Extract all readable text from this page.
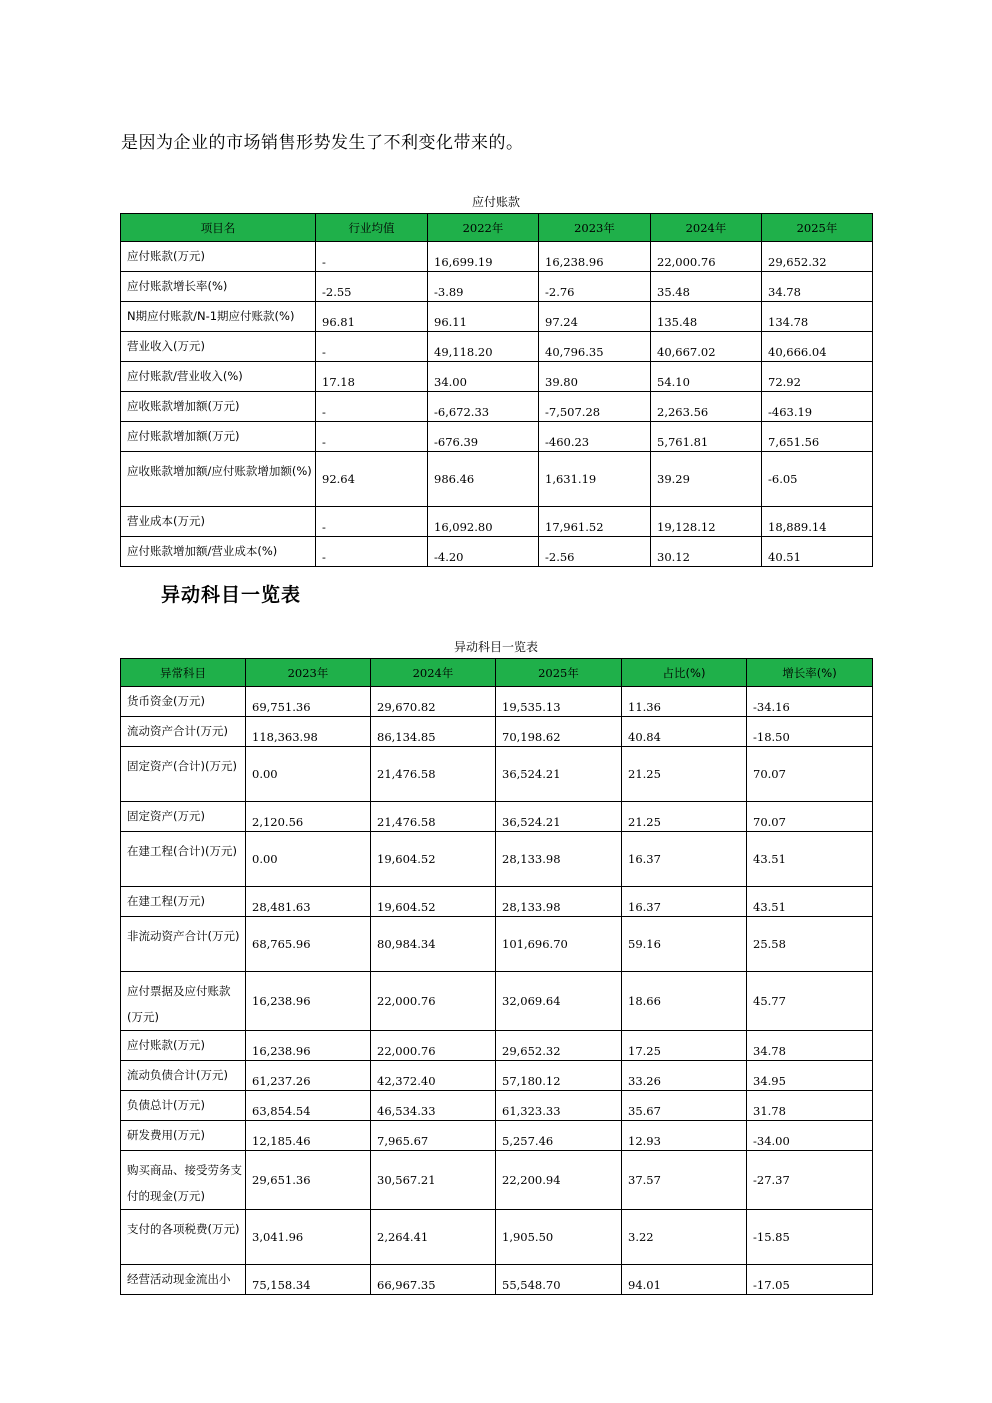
是因为企业的市场销售形势发生了不利变化带来的。
应付账款
项目名	行业均值	2022年	2023年	2024年	2025年
应付账款(万元)	-	16,699.19	16,238.96	22,000.76	29,652.32
应付账款增长率(%)	-2.55	-3.89	-2.76	35.48	34.78
N期应付账款/N-1期应付账款(%)	96.81	96.11	97.24	135.48	134.78
营业收入(万元)	-	49,118.20	40,796.35	40,667.02	40,666.04
应付账款/营业收入(%)	17.18	34.00	39.80	54.10	72.92
应收账款增加额(万元)	-	-6,672.33	-7,507.28	2,263.56	-463.19
应付账款增加额(万元)	-	-676.39	-460.23	5,761.81	7,651.56
应收账款增加额/应付账款增加额(%)	92.64	986.46	1,631.19	39.29	-6.05
营业成本(万元)	-	16,092.80	17,961.52	19,128.12	18,889.14
应付账款增加额/营业成本(%)	-	-4.20	-2.56	30.12	40.51
异动科目一览表
异动科目一览表
异常科目	2023年	2024年	2025年	占比(%)	增长率(%)
货币资金(万元)	69,751.36	29,670.82	19,535.13	11.36	-34.16
流动资产合计(万元)	118,363.98	86,134.85	70,198.62	40.84	-18.50
固定资产(合计)(万元)	0.00	21,476.58	36,524.21	21.25	70.07
固定资产(万元)	2,120.56	21,476.58	36,524.21	21.25	70.07
在建工程(合计)(万元)	0.00	19,604.52	28,133.98	16.37	43.51
在建工程(万元)	28,481.63	19,604.52	28,133.98	16.37	43.51
非流动资产合计(万元)	68,765.96	80,984.34	101,696.70	59.16	25.58
应付票据及应付账款(万元)	16,238.96	22,000.76	32,069.64	18.66	45.77
应付账款(万元)	16,238.96	22,000.76	29,652.32	17.25	34.78
流动负债合计(万元)	61,237.26	42,372.40	57,180.12	33.26	34.95
负债总计(万元)	63,854.54	46,534.33	61,323.33	35.67	31.78
研发费用(万元)	12,185.46	7,965.67	5,257.46	12.93	-34.00
购买商品、接受劳务支付的现金(万元)	29,651.36	30,567.21	22,200.94	37.57	-27.37
支付的各项税费(万元)	3,041.96	2,264.41	1,905.50	3.22	-15.85
经营活动现金流出小	75,158.34	66,967.35	55,548.70	94.01	-17.05
